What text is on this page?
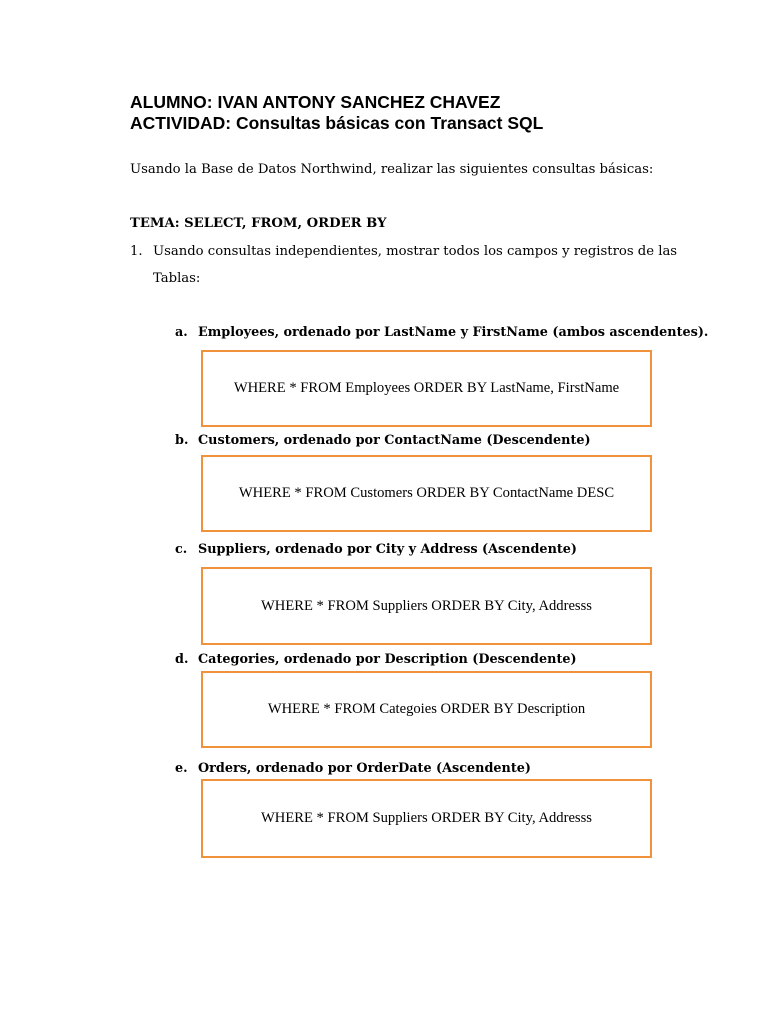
ALUMNO: IVAN ANTONY SANCHEZ CHAVEZ
ACTIVIDAD: Consultas básicas con Transact SQL

Usando la Base de Datos Northwind, realizar las siguientes consultas básicas:

TEMA: SELECT, FROM, ORDER BY

1. Usando consultas independientes, mostrar todos los campos y registros de las

Tablas:

a. Employees, ordenado por LastName y FirstName (ambos ascendentes).

WHERE * FROM Employees ORDER BY LastName, FirstName

b. Customers, ordenado por ContactName (Descendente)

WHERE * FROM Customers ORDER BY ContactName DESC

c. Suppliers, ordenado por City y Address (Ascendente)

WHERE * FROM Suppliers ORDER BY City, Addresss

d. Categories, ordenado por Description (Descendente)

WHERE * FROM Categoies ORDER BY Description

e. Orders, ordenado por OrderDate (Ascendente)

WHERE * FROM Suppliers ORDER BY City, Addresss
